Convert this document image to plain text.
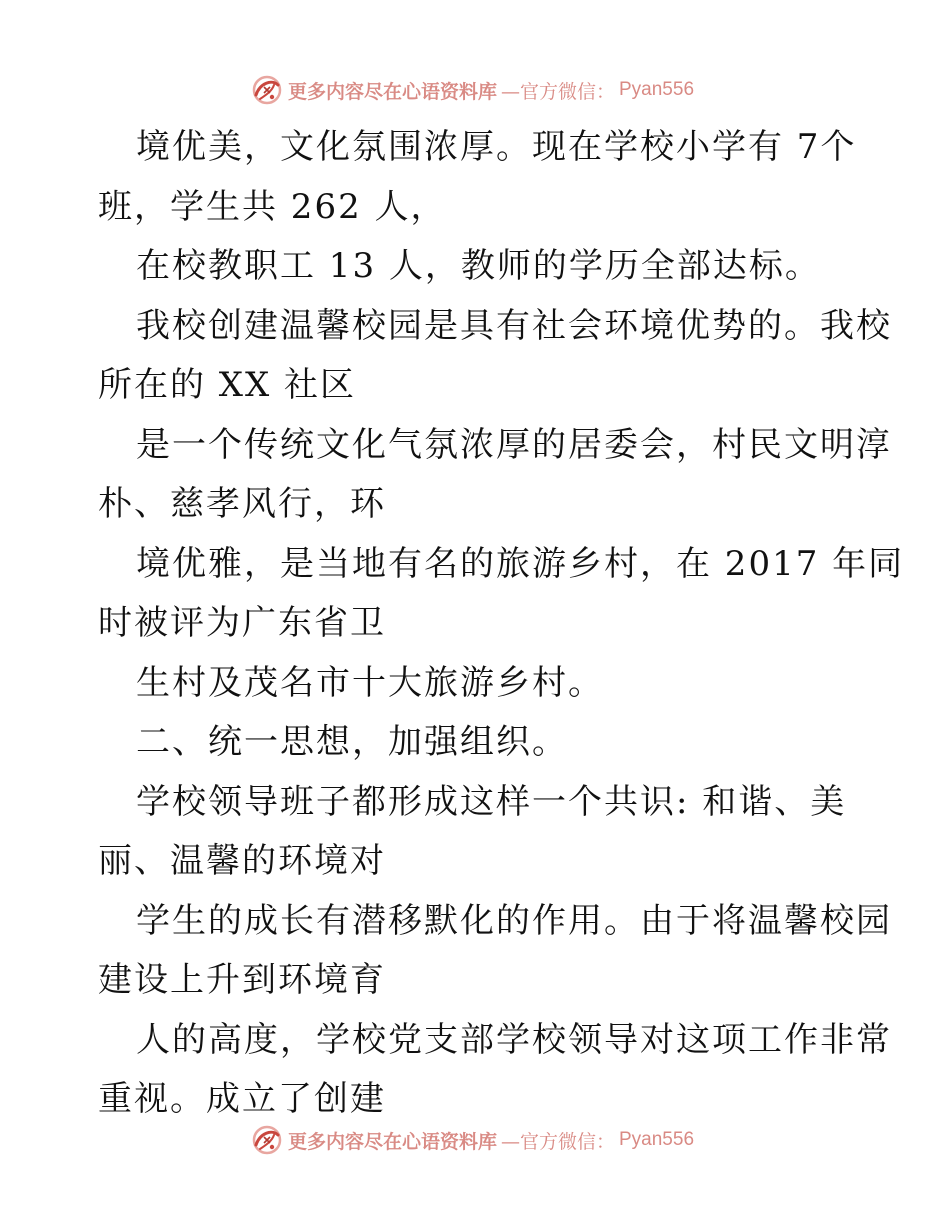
更多内容尽在心语资料库 —官方微信： Pyan556
境优美，文化氛围浓厚。现在学校小学有 7个
班，学生共 262 人，
在校教职工 13 人，教师的学历全部达标。
我校创建温馨校园是具有社会环境优势的。我校
所在的 XX 社区
是一个传统文化气氛浓厚的居委会，村民文明淳
朴、慈孝风行，环
境优雅，是当地有名的旅游乡村，在 2017 年同
时被评为广东省卫
生村及茂名市十大旅游乡村。
二、统一思想，加强组织。
学校领导班子都形成这样一个共识: 和谐、美
丽、温馨的环境对
学生的成长有潜移默化的作用。由于将温馨校园
建设上升到环境育
人的高度，学校党支部学校领导对这项工作非常
重视。成立了创建
更多内容尽在心语资料库 —官方微信： Pyan556
